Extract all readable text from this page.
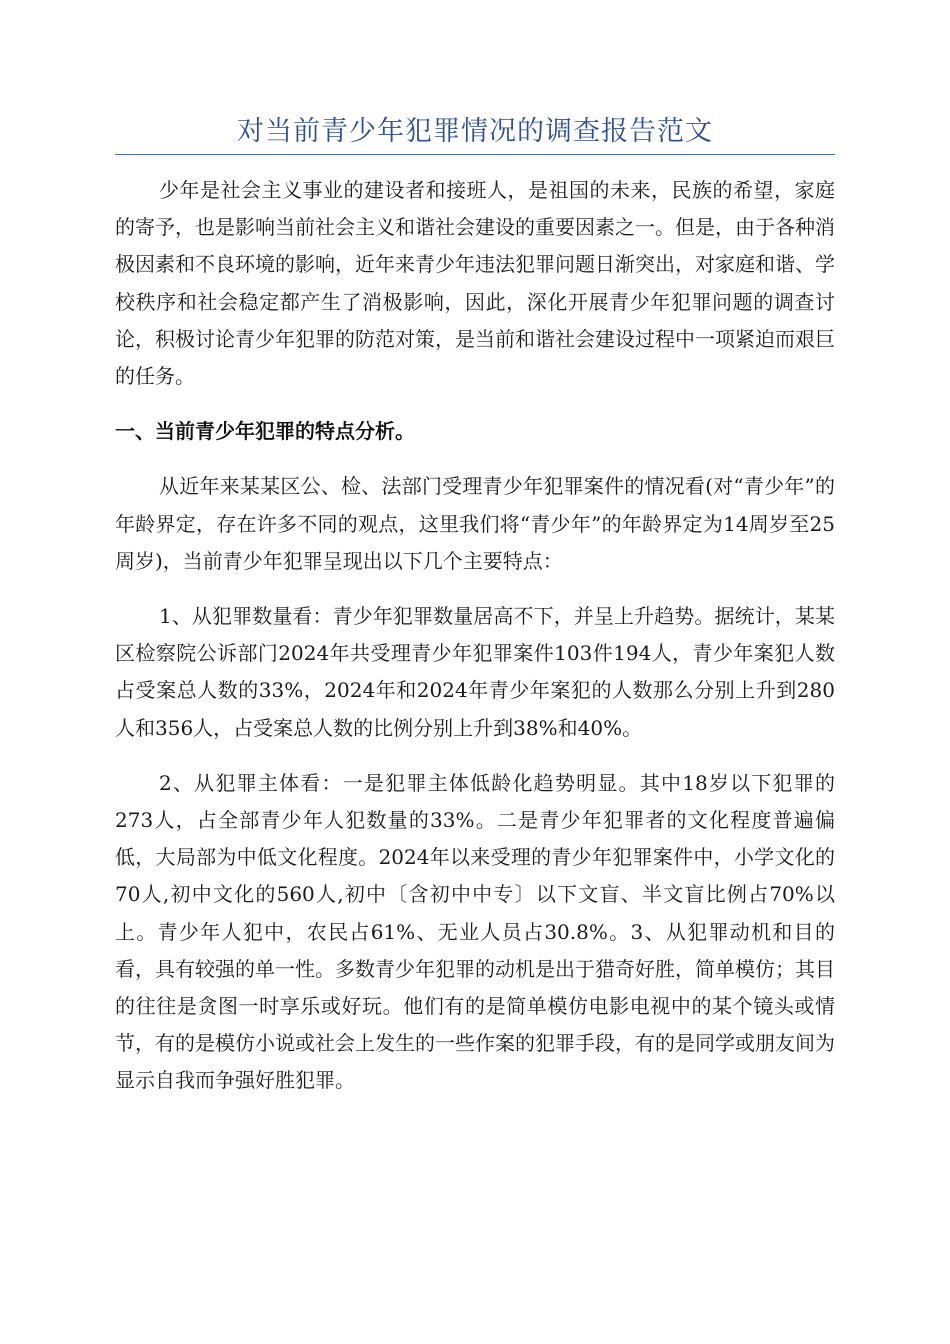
对当前青少年犯罪情况的调查报告范文

少年是社会主义事业的建设者和接班人，是祖国的未来，民族的希望，家庭的寄予，也是影响当前社会主义和谐社会建设的重要因素之一。但是，由于各种消极因素和不良环境的影响，近年来青少年违法犯罪问题日渐突出，对家庭和谐、学校秩序和社会稳定都产生了消极影响，因此，深化开展青少年犯罪问题的调查讨论，积极讨论青少年犯罪的防范对策，是当前和谐社会建设过程中一项紧迫而艰巨的任务。

一、当前青少年犯罪的特点分析。

从近年来某某区公、检、法部门受理青少年犯罪案件的情况看(对“青少年”的年龄界定，存在许多不同的观点，这里我们将“青少年”的年龄界定为14周岁至25周岁)，当前青少年犯罪呈现出以下几个主要特点：

1、从犯罪数量看：青少年犯罪数量居高不下，并呈上升趋势。据统计，某某区检察院公诉部门2024年共受理青少年犯罪案件103件194人，青少年案犯人数占受案总人数的33%，2024年和2024年青少年案犯的人数那么分别上升到280人和356人，占受案总人数的比例分别上升到38%和40%。

2、从犯罪主体看：一是犯罪主体低龄化趋势明显。其中18岁以下犯罪的273人，占全部青少年人犯数量的33%。二是青少年犯罪者的文化程度普遍偏低，大局部为中低文化程度。2024年以来受理的青少年犯罪案件中，小学文化的70人,初中文化的560人,初中〔含初中中专〕以下文盲、半文盲比例占70%以上。青少年人犯中，农民占61%、无业人员占30.8%。3、从犯罪动机和目的看，具有较强的单一性。多数青少年犯罪的动机是出于猎奇好胜，简单模仿；其目的往往是贪图一时享乐或好玩。他们有的是简单模仿电影电视中的某个镜头或情节，有的是模仿小说或社会上发生的一些作案的犯罪手段，有的是同学或朋友间为显示自我而争强好胜犯罪。
